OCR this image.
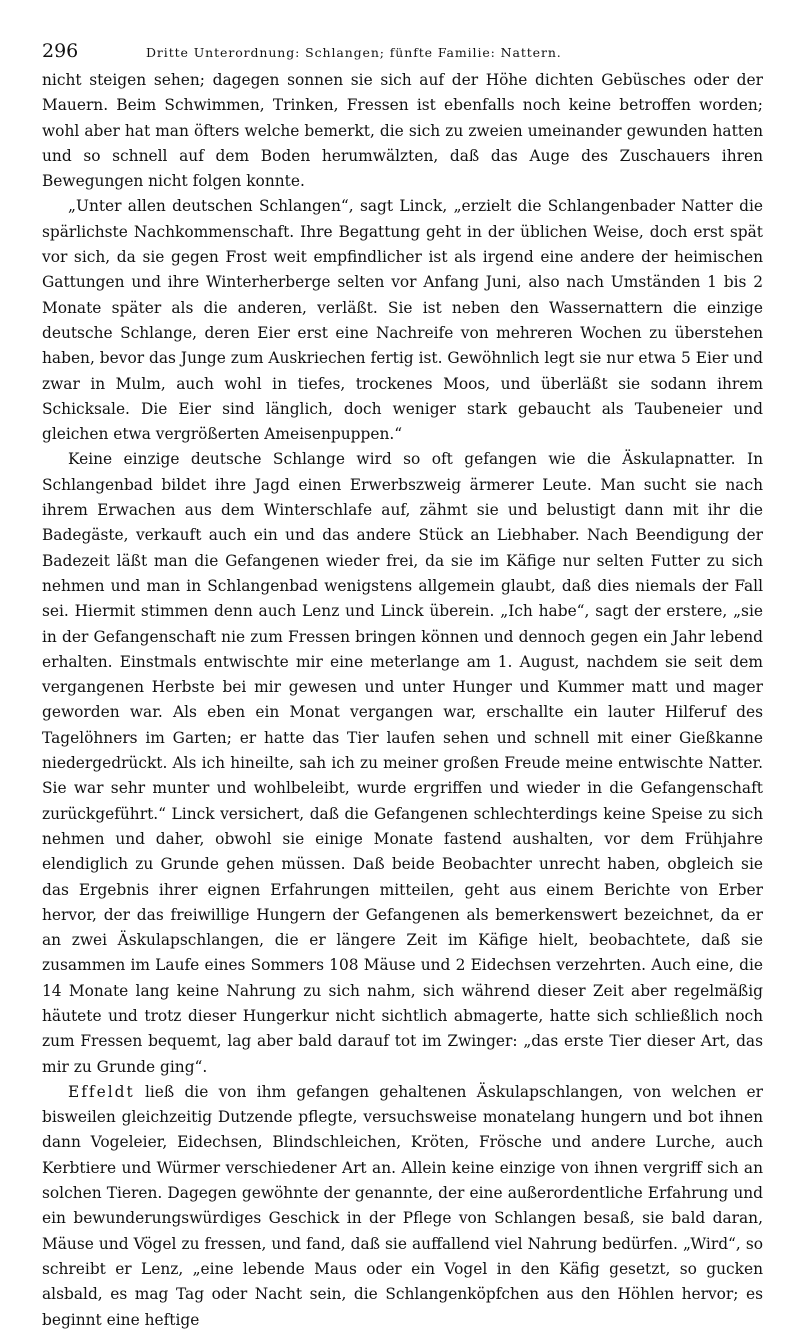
296	Dritte Unterordnung: Schlangen; fünfte Familie: Nattern.

nicht steigen sehen; dagegen sonnen sie sich auf der Höhe dichten Gebüsches oder der Mauern. Beim Schwimmen, Trinken, Fressen ist ebenfalls noch keine betroffen worden; wohl aber hat man öfters welche bemerkt, die sich zu zweien umeinander gewunden hatten und so schnell auf dem Boden herumwälzten, daß das Auge des Zuschauers ihren Bewegungen nicht folgen konnte.

„Unter allen deutschen Schlangen“, sagt Linck, „erzielt die Schlangenbader Natter die spärlichste Nachkommenschaft. Ihre Begattung geht in der üblichen Weise, doch erst spät vor sich, da sie gegen Frost weit empfindlicher ist als irgend eine andere der heimischen Gattungen und ihre Winterherberge selten vor Anfang Juni, also nach Umständen 1 bis 2 Monate später als die anderen, verläßt. Sie ist neben den Wassernattern die einzige deutsche Schlange, deren Eier erst eine Nachreife von mehreren Wochen zu überstehen haben, bevor das Junge zum Auskriechen fertig ist. Gewöhnlich legt sie nur etwa 5 Eier und zwar in Mulm, auch wohl in tiefes, trockenes Moos, und überläßt sie sodann ihrem Schicksale. Die Eier sind länglich, doch weniger stark gebaucht als Taubeneier und gleichen etwa vergrößerten Ameisenpuppen.“

Keine einzige deutsche Schlange wird so oft gefangen wie die Äskulapnatter. In Schlangenbad bildet ihre Jagd einen Erwerbszweig ärmerer Leute. Man sucht sie nach ihrem Erwachen aus dem Winterschlafe auf, zähmt sie und belustigt dann mit ihr die Badegäste, verkauft auch ein und das andere Stück an Liebhaber. Nach Beendigung der Badezeit läßt man die Gefangenen wieder frei, da sie im Käfige nur selten Futter zu sich nehmen und man in Schlangenbad wenigstens allgemein glaubt, daß dies niemals der Fall sei. Hiermit stimmen denn auch Lenz und Linck überein. „Ich habe“, sagt der erstere, „sie in der Gefangenschaft nie zum Fressen bringen können und dennoch gegen ein Jahr lebend erhalten. Einstmals entwischte mir eine meterlange am 1. August, nachdem sie seit dem vergangenen Herbste bei mir gewesen und unter Hunger und Kummer matt und mager geworden war. Als eben ein Monat vergangen war, erschallte ein lauter Hilferuf des Tagelöhners im Garten; er hatte das Tier laufen sehen und schnell mit einer Gießkanne niedergedrückt. Als ich hineilte, sah ich zu meiner großen Freude meine entwischte Natter. Sie war sehr munter und wohlbeleibt, wurde ergriffen und wieder in die Gefangenschaft zurückgeführt.“ Linck versichert, daß die Gefangenen schlechterdings keine Speise zu sich nehmen und daher, obwohl sie einige Monate fastend aushalten, vor dem Frühjahre elendiglich zu Grunde gehen müssen. Daß beide Beobachter unrecht haben, obgleich sie das Ergebnis ihrer eignen Erfahrungen mitteilen, geht aus einem Berichte von Erber hervor, der das freiwillige Hungern der Gefangenen als bemerkenswert bezeichnet, da er an zwei Äskulapschlangen, die er längere Zeit im Käfige hielt, beobachtete, daß sie zusammen im Laufe eines Sommers 108 Mäuse und 2 Eidechsen verzehrten. Auch eine, die 14 Monate lang keine Nahrung zu sich nahm, sich während dieser Zeit aber regelmäßig häutete und trotz dieser Hungerkur nicht sichtlich abmagerte, hatte sich schließlich noch zum Fressen bequemt, lag aber bald darauf tot im Zwinger: „das erste Tier dieser Art, das mir zu Grunde ging“.

Effeldt ließ die von ihm gefangen gehaltenen Äskulapschlangen, von welchen er bisweilen gleichzeitig Dutzende pflegte, versuchsweise monatelang hungern und bot ihnen dann Vogeleier, Eidechsen, Blindschleichen, Kröten, Frösche und andere Lurche, auch Kerbtiere und Würmer verschiedener Art an. Allein keine einzige von ihnen vergriff sich an solchen Tieren. Dagegen gewöhnte der genannte, der eine außerordentliche Erfahrung und ein bewunderungswürdiges Geschick in der Pflege von Schlangen besaß, sie bald daran, Mäuse und Vögel zu fressen, und fand, daß sie auffallend viel Nahrung bedürfen. „Wird“, so schreibt er Lenz, „eine lebende Maus oder ein Vogel in den Käfig gesetzt, so gucken alsbald, es mag Tag oder Nacht sein, die Schlangenköpfchen aus den Höhlen hervor; es beginnt eine heftige
